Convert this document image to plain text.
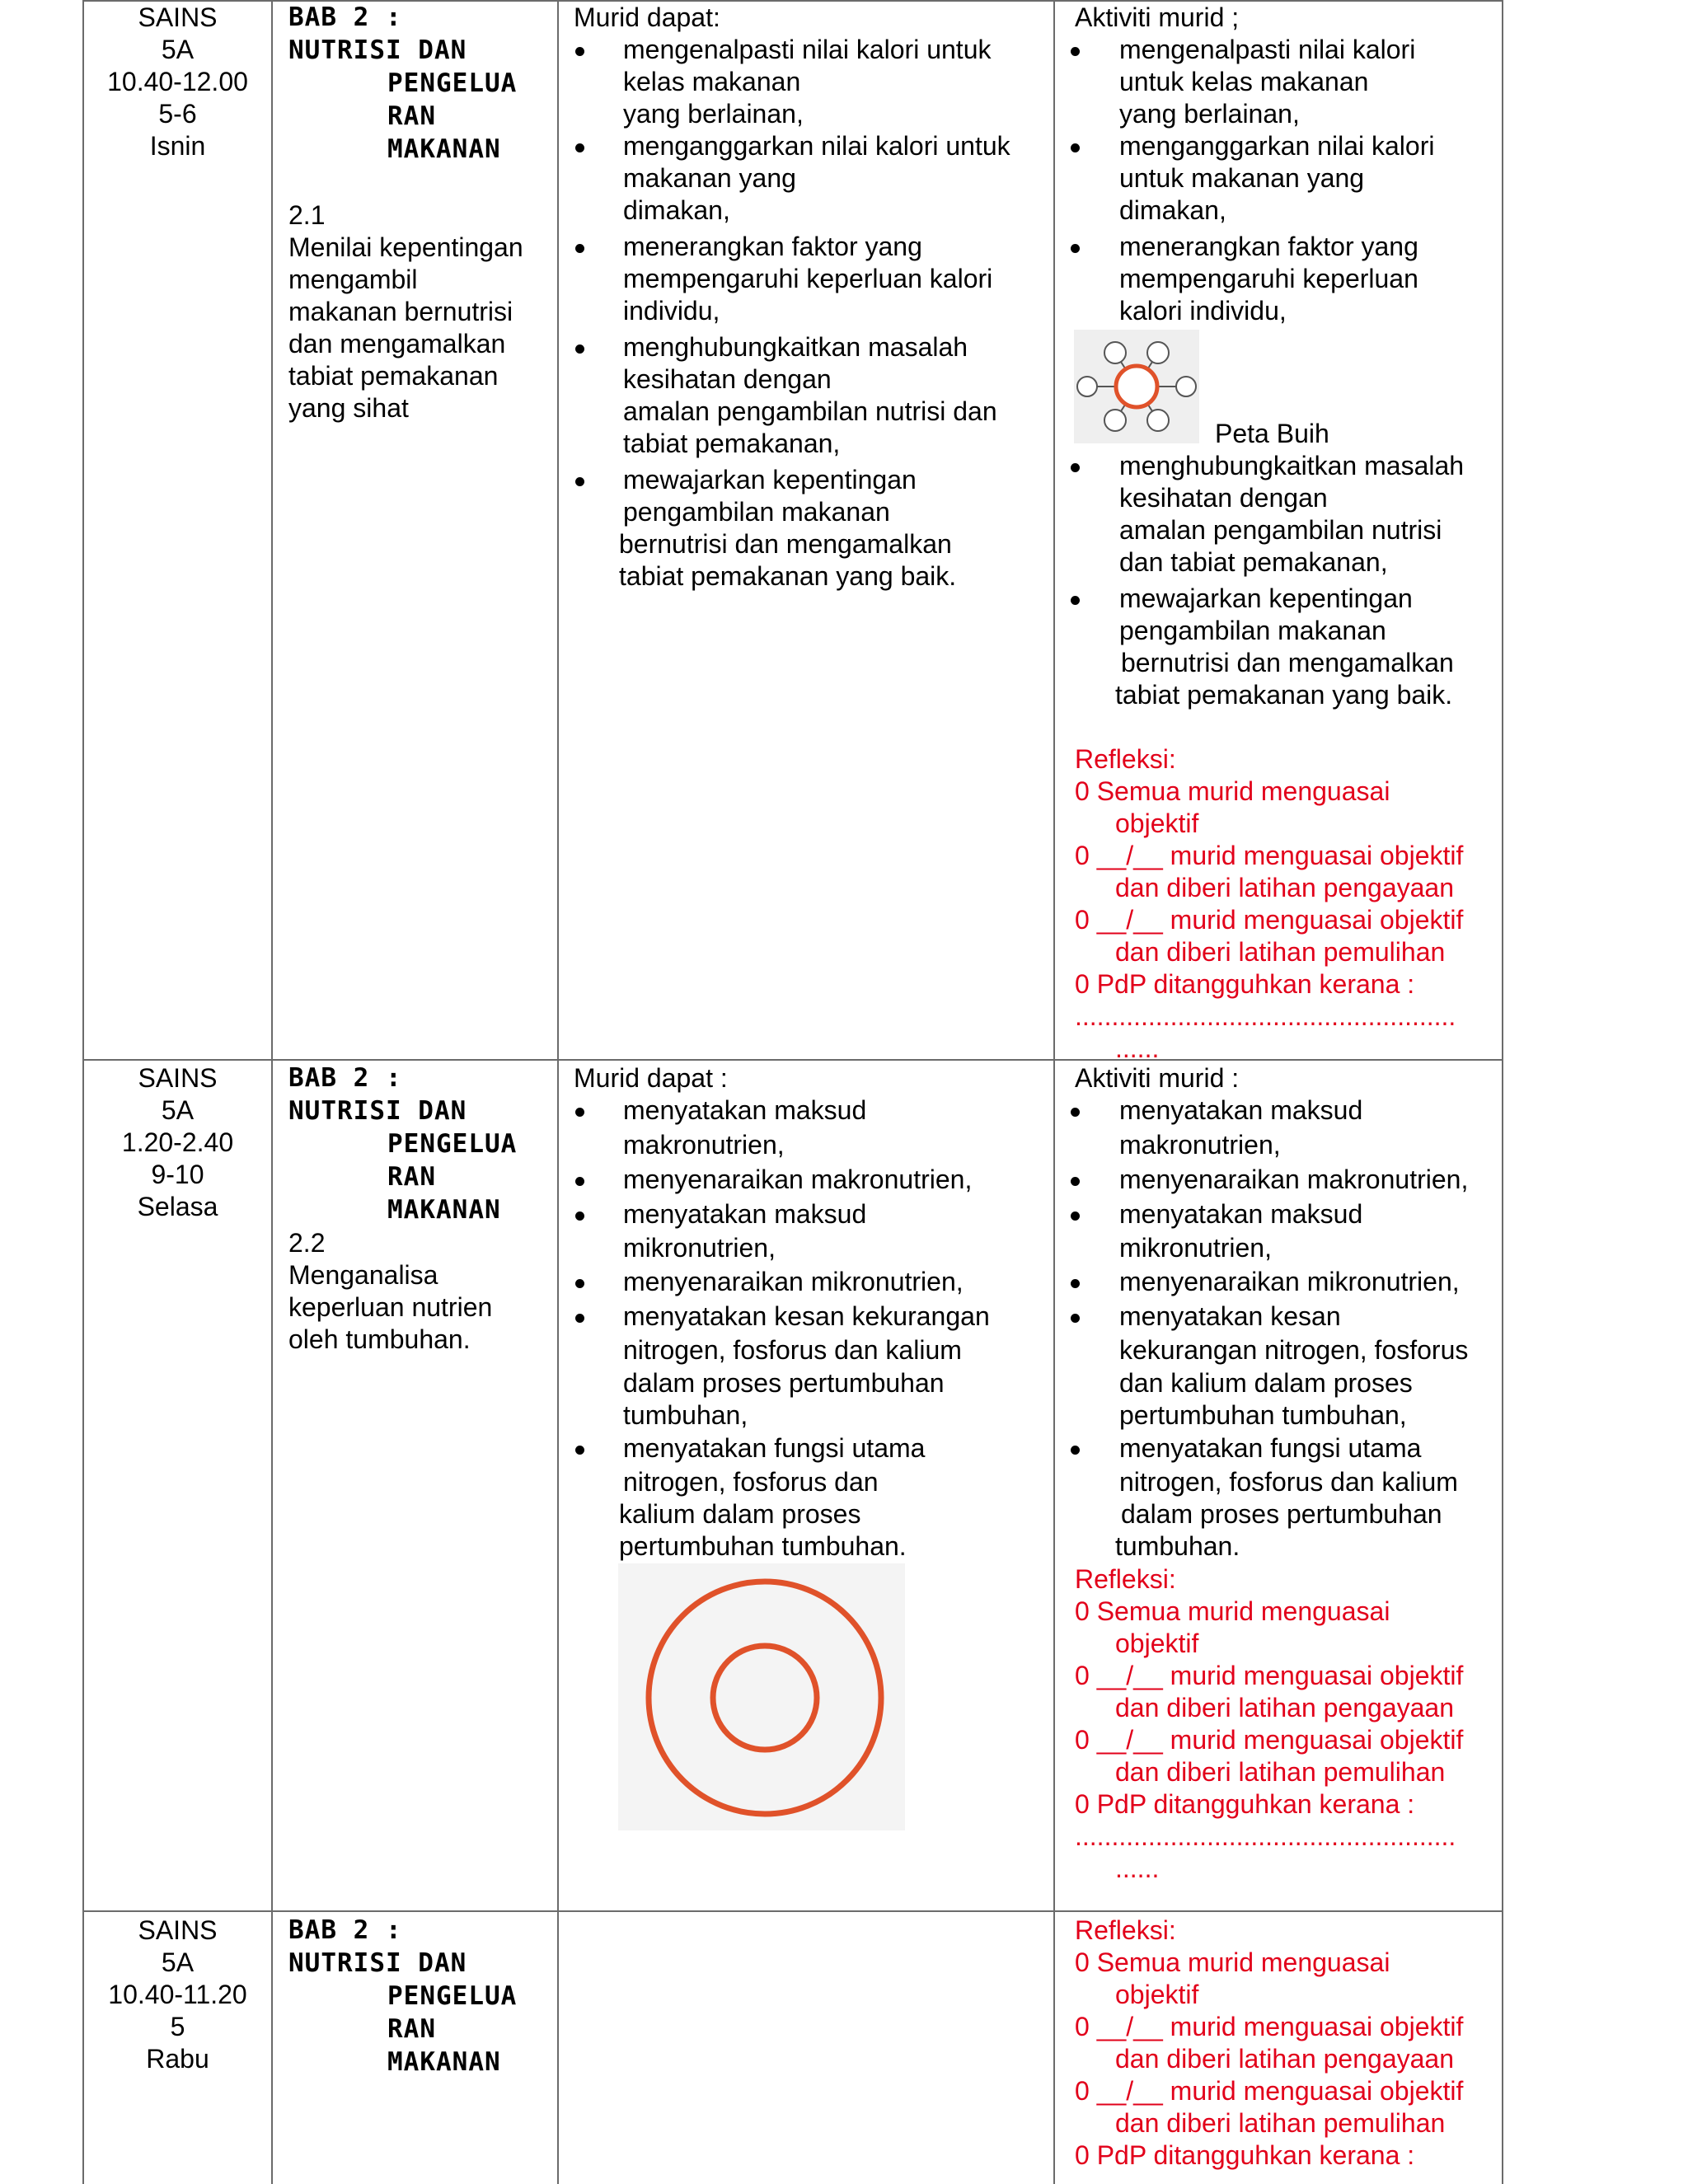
SAINS
5A
10.40-12.00
5-6
Isnin
BAB 2 :
NUTRISI DAN
PENGELUA
RAN
MAKANAN
2.1
Menilai kepentingan
mengambil
makanan bernutrisi
dan mengamalkan
tabiat pemakanan
yang sihat
Murid dapat:
mengenalpasti nilai kalori untuk
kelas makanan
yang berlainan,
menganggarkan nilai kalori untuk
makanan yang
dimakan,
menerangkan faktor yang
mempengaruhi keperluan kalori
individu,
menghubungkaitkan masalah
kesihatan dengan
amalan pengambilan nutrisi dan
tabiat pemakanan,
mewajarkan kepentingan
pengambilan makanan
bernutrisi dan mengamalkan
tabiat pemakanan yang baik.
Aktiviti murid ;
mengenalpasti nilai kalori
untuk kelas makanan
yang berlainan,
menganggarkan nilai kalori
untuk makanan yang
dimakan,
menerangkan faktor yang
mempengaruhi keperluan
kalori individu,
Peta Buih
menghubungkaitkan masalah
kesihatan dengan
amalan pengambilan nutrisi
dan tabiat pemakanan,
mewajarkan kepentingan
pengambilan makanan
bernutrisi dan mengamalkan
tabiat pemakanan yang baik.
Refleksi:
0 Semua murid menguasai
objektif
0 __/__ murid menguasai objektif
dan diberi latihan pengayaan
0 __/__ murid menguasai objektif
dan diberi latihan pemulihan
0 PdP ditangguhkan kerana :
....................................................
......
SAINS
5A
1.20-2.40
9-10
Selasa
BAB 2 :
NUTRISI DAN
PENGELUA
RAN
MAKANAN
2.2
Menganalisa
keperluan nutrien
oleh tumbuhan.
Murid dapat :
menyatakan maksud
makronutrien,
menyenaraikan makronutrien,
menyatakan maksud
mikronutrien,
menyenaraikan mikronutrien,
menyatakan kesan kekurangan
nitrogen, fosforus dan kalium
dalam proses pertumbuhan
tumbuhan,
menyatakan fungsi utama
nitrogen, fosforus dan
kalium dalam proses
pertumbuhan tumbuhan.
Aktiviti murid :
menyatakan maksud
makronutrien,
menyenaraikan makronutrien,
menyatakan maksud
mikronutrien,
menyenaraikan mikronutrien,
menyatakan kesan
kekurangan nitrogen, fosforus
dan kalium dalam proses
pertumbuhan tumbuhan,
menyatakan fungsi utama
nitrogen, fosforus dan kalium
dalam proses pertumbuhan
tumbuhan.
Refleksi:
0 Semua murid menguasai
objektif
0 __/__ murid menguasai objektif
dan diberi latihan pengayaan
0 __/__ murid menguasai objektif
dan diberi latihan pemulihan
0 PdP ditangguhkan kerana :
....................................................
......
SAINS
5A
10.40-11.20
5
Rabu
BAB 2 :
NUTRISI DAN
PENGELUA
RAN
MAKANAN
Refleksi:
0 Semua murid menguasai
objektif
0 __/__ murid menguasai objektif
dan diberi latihan pengayaan
0 __/__ murid menguasai objektif
dan diberi latihan pemulihan
0 PdP ditangguhkan kerana :
